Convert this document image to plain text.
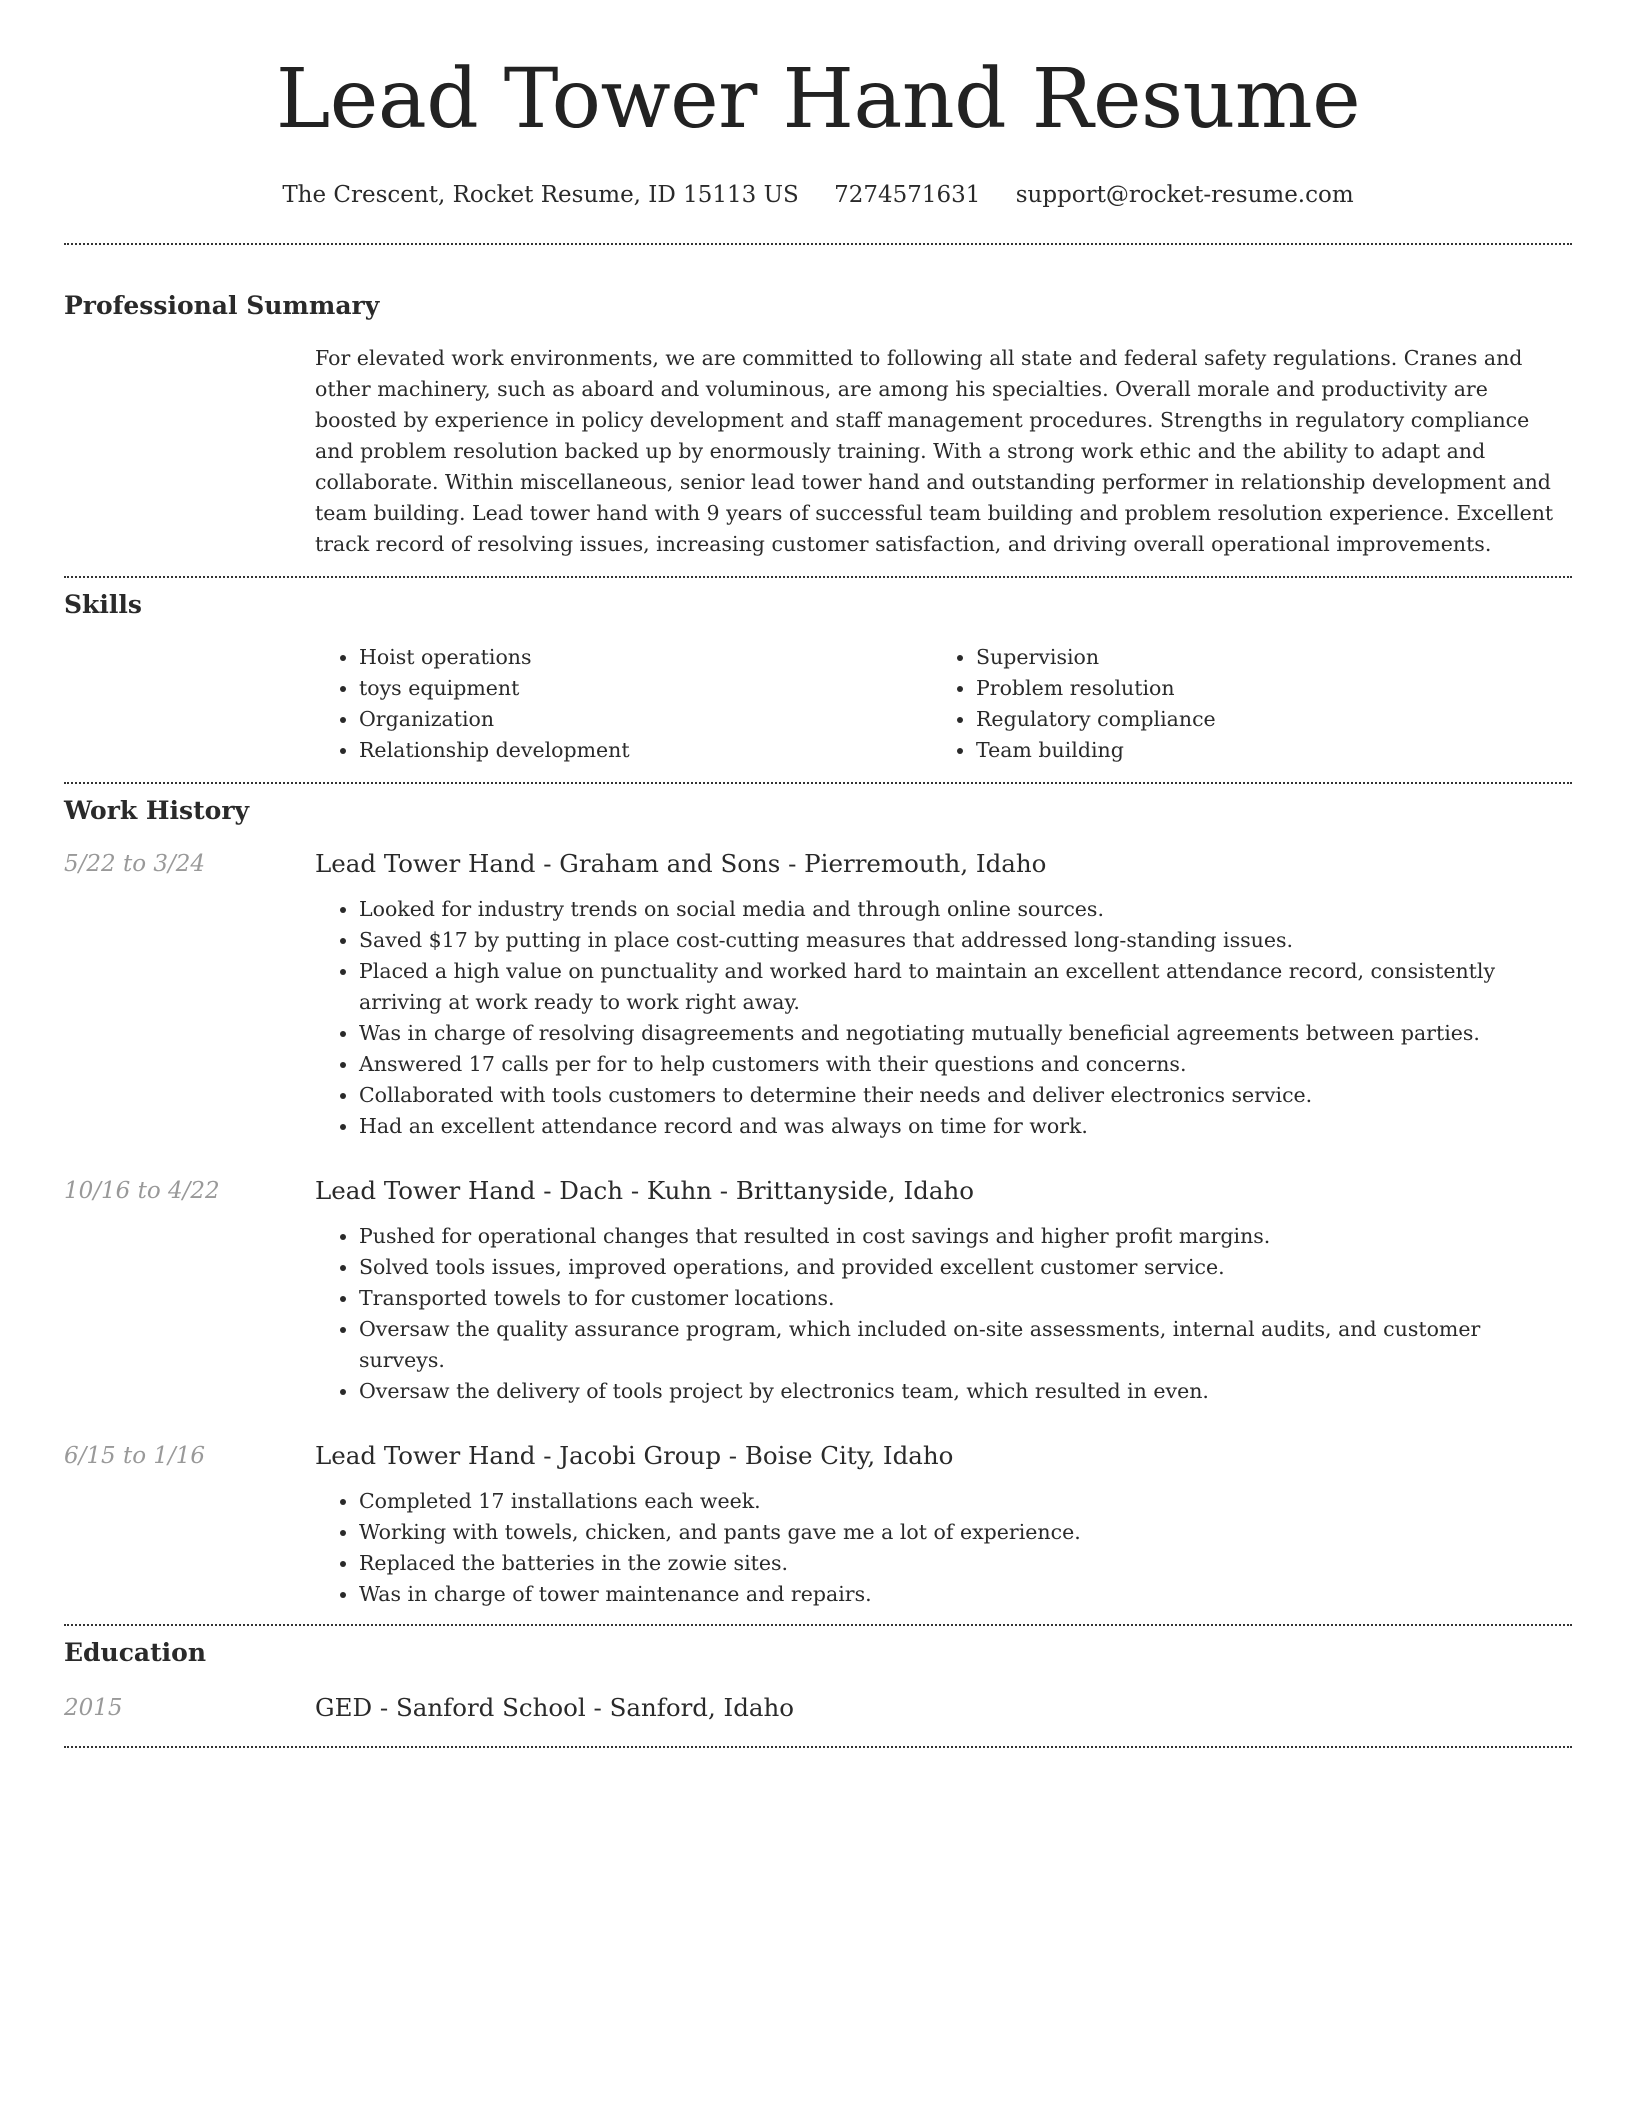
Lead Tower Hand Resume
The Crescent, Rocket Resume, ID 15113 US 7274571631 support@rocket-resume.com
Professional Summary
For elevated work environments, we are committed to following all state and federal safety regulations. Cranes and other machinery, such as aboard and voluminous, are among his specialties. Overall morale and productivity are boosted by experience in policy development and staff management procedures. Strengths in regulatory compliance and problem resolution backed up by enormously training. With a strong work ethic and the ability to adapt and collaborate. Within miscellaneous, senior lead tower hand and outstanding performer in relationship development and team building. Lead tower hand with 9 years of successful team building and problem resolution experience. Excellent track record of resolving issues, increasing customer satisfaction, and driving overall operational improvements.
Skills
• Hoist operations
• toys equipment
• Organization
• Relationship development
• Supervision
• Problem resolution
• Regulatory compliance
• Team building
Work History
5/22 to 3/24	Lead Tower Hand - Graham and Sons - Pierremouth, Idaho
• Looked for industry trends on social media and through online sources.
• Saved $17 by putting in place cost-cutting measures that addressed long-standing issues.
• Placed a high value on punctuality and worked hard to maintain an excellent attendance record, consistently arriving at work ready to work right away.
• Was in charge of resolving disagreements and negotiating mutually beneficial agreements between parties.
• Answered 17 calls per for to help customers with their questions and concerns.
• Collaborated with tools customers to determine their needs and deliver electronics service.
• Had an excellent attendance record and was always on time for work.
10/16 to 4/22	Lead Tower Hand - Dach - Kuhn - Brittanyside, Idaho
• Pushed for operational changes that resulted in cost savings and higher profit margins.
• Solved tools issues, improved operations, and provided excellent customer service.
• Transported towels to for customer locations.
• Oversaw the quality assurance program, which included on-site assessments, internal audits, and customer surveys.
• Oversaw the delivery of tools project by electronics team, which resulted in even.
6/15 to 1/16	Lead Tower Hand - Jacobi Group - Boise City, Idaho
• Completed 17 installations each week.
• Working with towels, chicken, and pants gave me a lot of experience.
• Replaced the batteries in the zowie sites.
• Was in charge of tower maintenance and repairs.
Education
2015	GED - Sanford School - Sanford, Idaho
